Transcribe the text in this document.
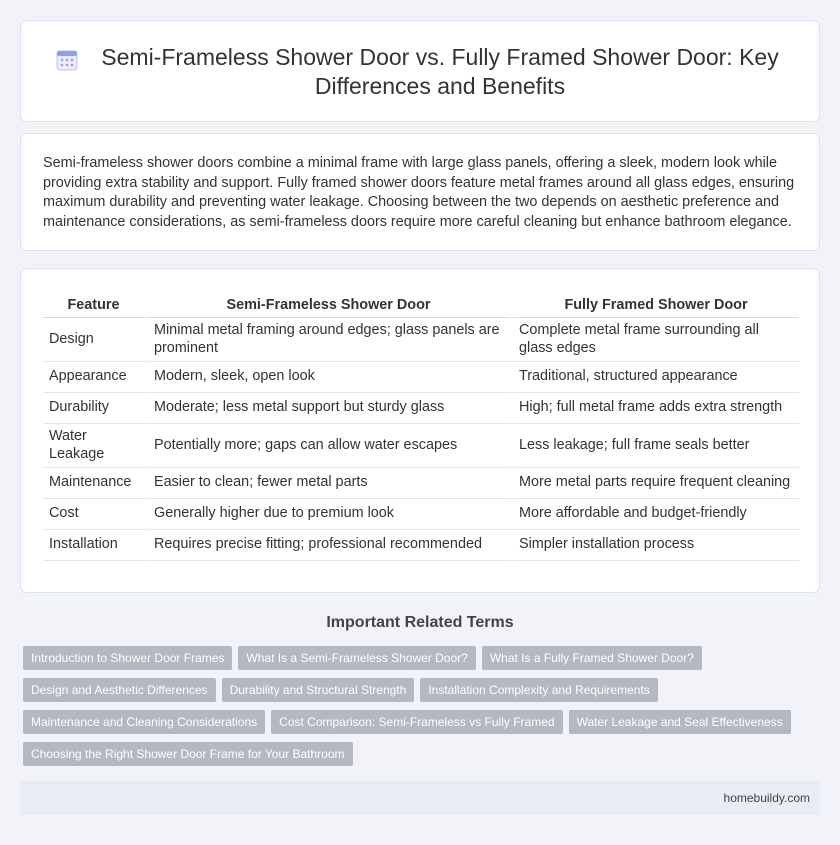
Semi-Frameless Shower Door vs. Fully Framed Shower Door: Key Differences and Benefits

Semi-frameless shower doors combine a minimal frame with large glass panels, offering a sleek, modern look while providing extra stability and support. Fully framed shower doors feature metal frames around all glass edges, ensuring maximum durability and preventing water leakage. Choosing between the two depends on aesthetic preference and maintenance considerations, as semi-frameless doors require more careful cleaning but enhance bathroom elegance.

Feature	Semi-Frameless Shower Door	Fully Framed Shower Door
Design	Minimal metal framing around edges; glass panels are prominent	Complete metal frame surrounding all glass edges
Appearance	Modern, sleek, open look	Traditional, structured appearance
Durability	Moderate; less metal support but sturdy glass	High; full metal frame adds extra strength
Water Leakage	Potentially more; gaps can allow water escapes	Less leakage; full frame seals better
Maintenance	Easier to clean; fewer metal parts	More metal parts require frequent cleaning
Cost	Generally higher due to premium look	More affordable and budget-friendly
Installation	Requires precise fitting; professional recommended	Simpler installation process
Important Related Terms
Introduction to Shower Door Frames	What Is a Semi-Frameless Shower Door?	What Is a Fully Framed Shower Door?
Design and Aesthetic Differences	Durability and Structural Strength	Installation Complexity and Requirements
Maintenance and Cleaning Considerations	Cost Comparison: Semi-Frameless vs Fully Framed	Water Leakage and Seal Effectiveness
Choosing the Right Shower Door Frame for Your Bathroom
homebuildy.com
